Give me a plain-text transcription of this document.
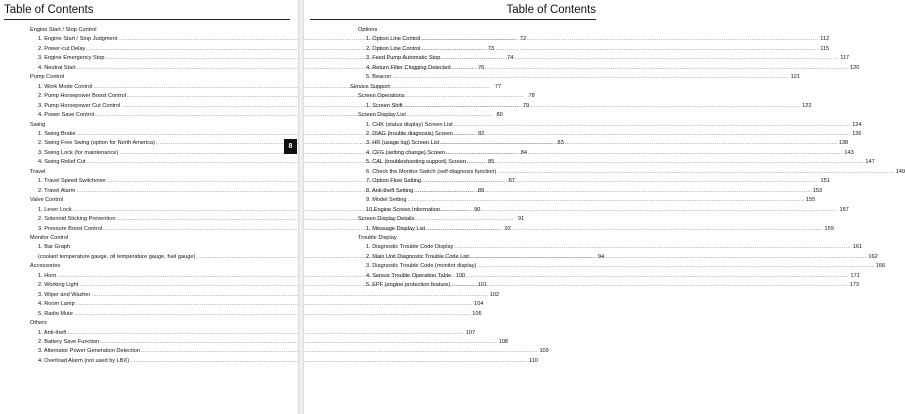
Table of Contents
Engine Start / Stop Control
1. Engine Start / Stop Judgment .....	72
2. Power-cut Delay .....	73
3. Engine Emergency Stop .....	74
4. Neutral Start .....	76
Pump Control
1. Work Mode Control .....	77
2. Pump Horsepower Boost Control .....	78
3. Pump Horsepower Cut Control .....	79
4. Power Save Control .....	80
Swing
1. Swing Brake .....	82
2. Swing Free Swing (option for North America) .....	83
3. Swing Lock (for maintenance) .....	84
4. Swing Relief Cut .....	85
Travel
1. Travel Speed Switchover .....	87
2. Travel Alarm .....	88
Valve Control
1. Lever Lock .....	90
2. Solenoid Sticking Prevention .....	91
3. Pressure Boost Control .....	92
Monitor Control
1. Bar Graph
(coolant temperature gauge, oil temperature gauge, fuel gauge) .....	94
Accessories
1. Horn .....	100
2. Working Light .....	101
3. Wiper and Washer .....	102
4. Room Lamp .....	104
5. Radio Mute .....	106
Others
1. Anti-theft .....	107
2. Battery Save Function .....	108
3. Alternator Power Generation Detection .....	109
4. Overload Alarm (not used by LBX) .....	110
8
Table of Contents
Options
1. Option Line Control .....	112
2. Option Line Control .....	115
3. Feed Pump Automatic Stop .....	117
4. Return Filter Clogging Detected .....	120
5. Beacon .....	121
Service Support
Screen Operations
1. Screen Shift .....	122
Screen Display List
1. CHK (status display) Screen List .....	124
2. DIAG (trouble diagnosis) Screen .....	136
3. HR (usage log) Screen List .....	138
4. CFG (setting change) Screen .....	143
5. CAL (troubleshooting support) Screen .....	147
6. Check the Monitor Switch (self-diagnosis function) .....	149
7. Option Flow Setting .....	151
8. Anti-theft Setting .....	153
9. Model Setting .....	155
10.Engine Screen Information .....	157
Screen Display Details
1. Message Display List .....	159
Trouble Display
1. Diagnostic Trouble Code Display .....	161
2. Main Unit Diagnostic Trouble Code List .....	162
3. Diagnostic Trouble Code (monitor display) .....	166
4. Sensor Trouble Operation Table .....	171
5. EPF (engine protection feature) .....	173
